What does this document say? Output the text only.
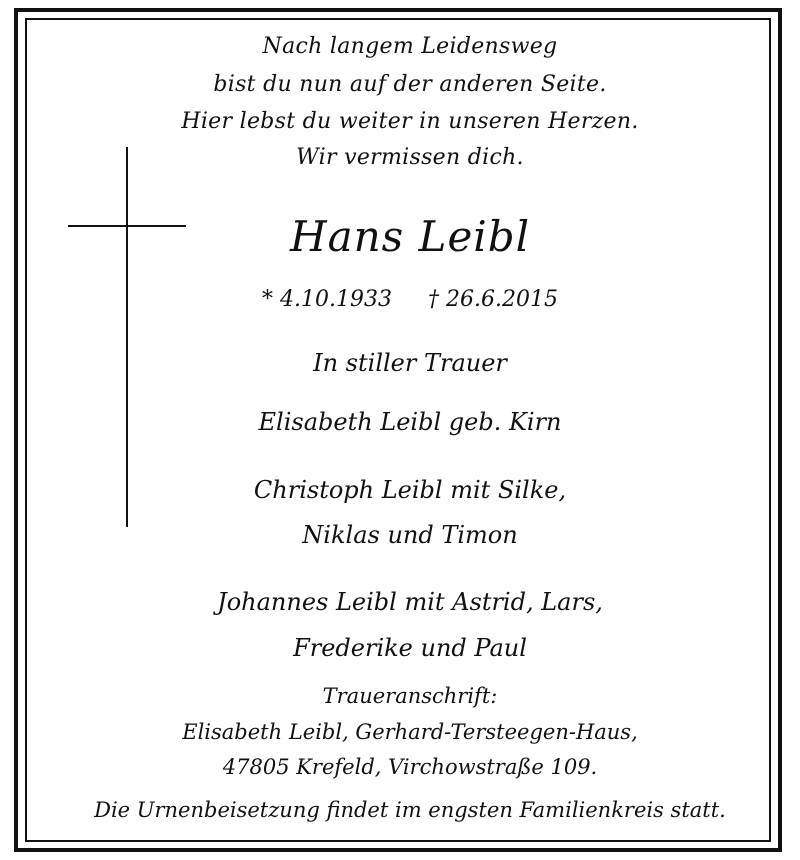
Nach langem Leidensweg
bist du nun auf der anderen Seite.
Hier lebst du weiter in unseren Herzen.
Wir vermissen dich.
Hans Leibl
* 4.10.1933 † 26.6.2015
In stiller Trauer
Elisabeth Leibl geb. Kirn
Christoph Leibl mit Silke,
Niklas und Timon
Johannes Leibl mit Astrid, Lars,
Frederike und Paul
Traueranschrift:
Elisabeth Leibl, Gerhard-Tersteegen-Haus,
47805 Krefeld, Virchowstraße 109.
Die Urnenbeisetzung findet im engsten Familienkreis statt.
